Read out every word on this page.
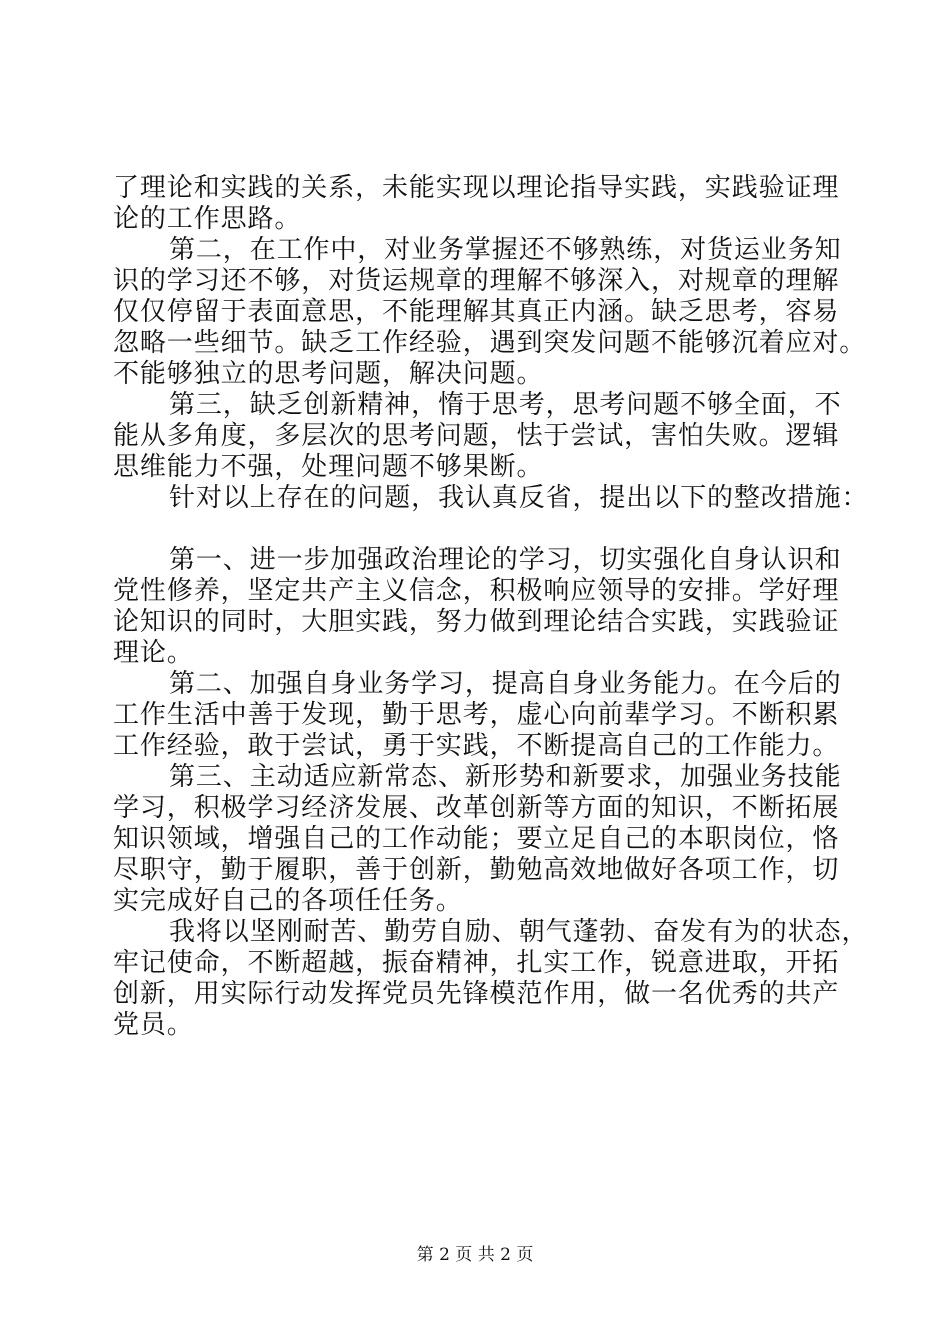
了理论和实践的关系，未能实现以理论指导实践，实践验证理
论的工作思路。
第二，在工作中，对业务掌握还不够熟练，对货运业务知
识的学习还不够，对货运规章的理解不够深入，对规章的理解
仅仅停留于表面意思，不能理解其真正内涵。缺乏思考，容易
忽略一些细节。缺乏工作经验，遇到突发问题不能够沉着应对。
不能够独立的思考问题，解决问题。
第三，缺乏创新精神，惰于思考，思考问题不够全面，不
能从多角度，多层次的思考问题，怯于尝试，害怕失败。逻辑
思维能力不强，处理问题不够果断。
针对以上存在的问题，我认真反省，提出以下的整改措施：
第一、进一步加强政治理论的学习，切实强化自身认识和
党性修养，坚定共产主义信念，积极响应领导的安排。学好理
论知识的同时，大胆实践，努力做到理论结合实践，实践验证
理论。
第二、加强自身业务学习，提高自身业务能力。在今后的
工作生活中善于发现，勤于思考，虚心向前辈学习。不断积累
工作经验，敢于尝试，勇于实践，不断提高自己的工作能力。
第三、主动适应新常态、新形势和新要求，加强业务技能
学习，积极学习经济发展、改革创新等方面的知识，不断拓展
知识领域，增强自己的工作动能；要立足自己的本职岗位，恪
尽职守，勤于履职，善于创新，勤勉高效地做好各项工作，切
实完成好自己的各项任任务。
我将以坚刚耐苦、勤劳自励、朝气蓬勃、奋发有为的状态，
牢记使命，不断超越，振奋精神，扎实工作，锐意进取，开拓
创新，用实际行动发挥党员先锋模范作用，做一名优秀的共产
党员。
第 2 页 共 2 页
